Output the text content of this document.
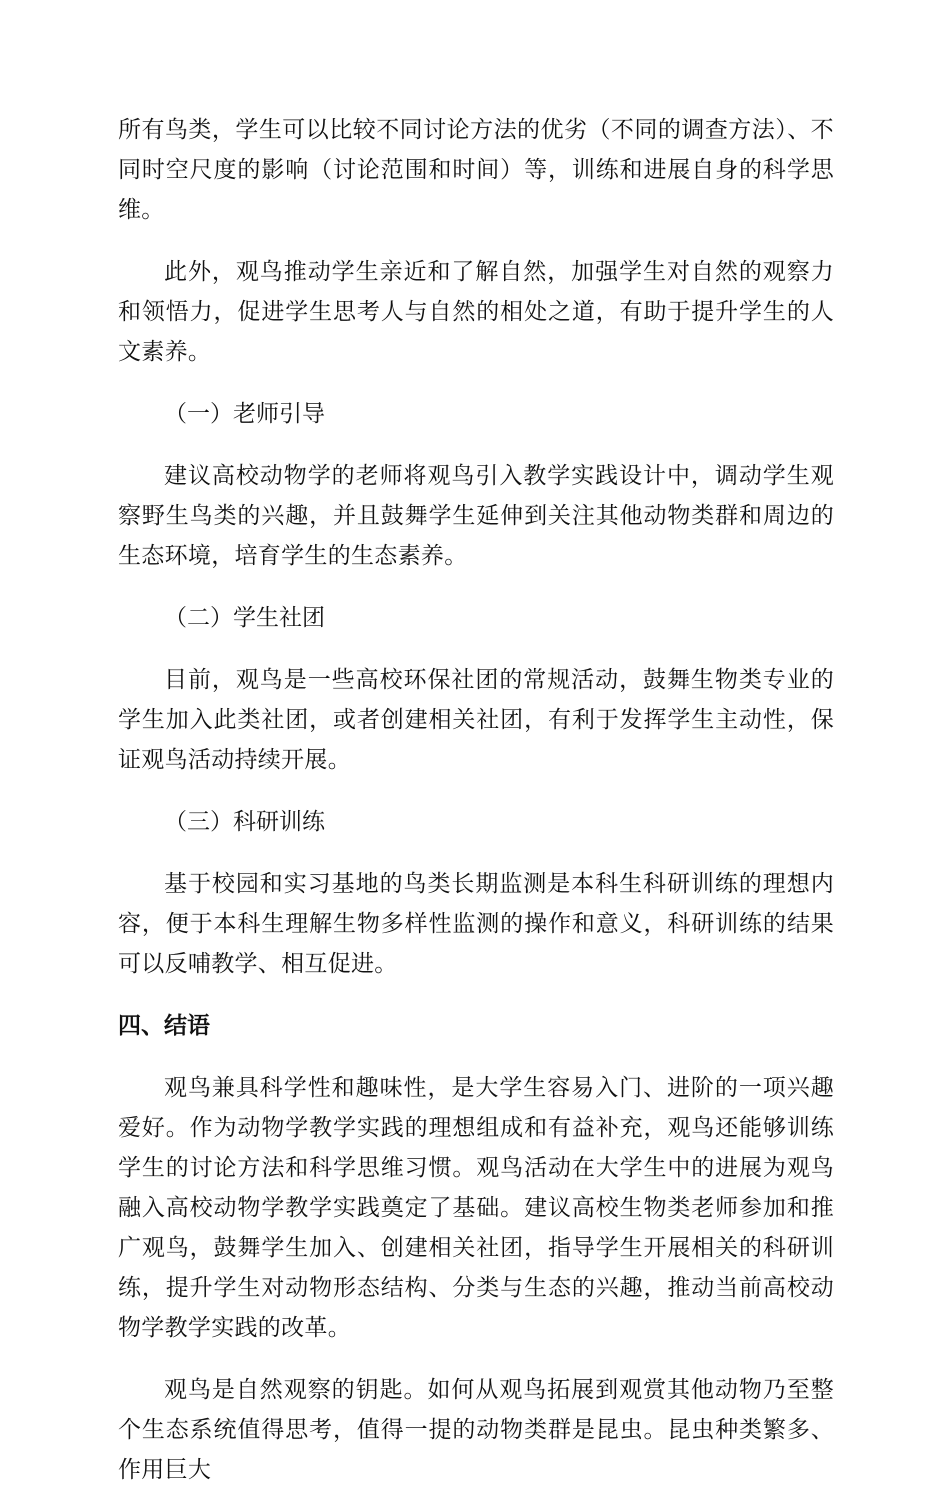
所有鸟类，学生可以比较不同讨论方法的优劣（不同的调查方法）、不同时空尺度的影响（讨论范围和时间）等，训练和进展自身的科学思维。

此外，观鸟推动学生亲近和了解自然，加强学生对自然的观察力和领悟力，促进学生思考人与自然的相处之道，有助于提升学生的人文素养。

（一）老师引导

建议高校动物学的老师将观鸟引入教学实践设计中，调动学生观察野生鸟类的兴趣，并且鼓舞学生延伸到关注其他动物类群和周边的生态环境，培育学生的生态素养。

（二）学生社团

目前，观鸟是一些高校环保社团的常规活动，鼓舞生物类专业的学生加入此类社团，或者创建相关社团，有利于发挥学生主动性，保证观鸟活动持续开展。

（三）科研训练

基于校园和实习基地的鸟类长期监测是本科生科研训练的理想内容，便于本科生理解生物多样性监测的操作和意义，科研训练的结果可以反哺教学、相互促进。

四、结语

观鸟兼具科学性和趣味性，是大学生容易入门、进阶的一项兴趣爱好。作为动物学教学实践的理想组成和有益补充，观鸟还能够训练学生的讨论方法和科学思维习惯。观鸟活动在大学生中的进展为观鸟融入高校动物学教学实践奠定了基础。建议高校生物类老师参加和推广观鸟，鼓舞学生加入、创建相关社团，指导学生开展相关的科研训练，提升学生对动物形态结构、分类与生态的兴趣，推动当前高校动物学教学实践的改革。

观鸟是自然观察的钥匙。如何从观鸟拓展到观赏其他动物乃至整个生态系统值得思考，值得一提的动物类群是昆虫。昆虫种类繁多、作用巨大
